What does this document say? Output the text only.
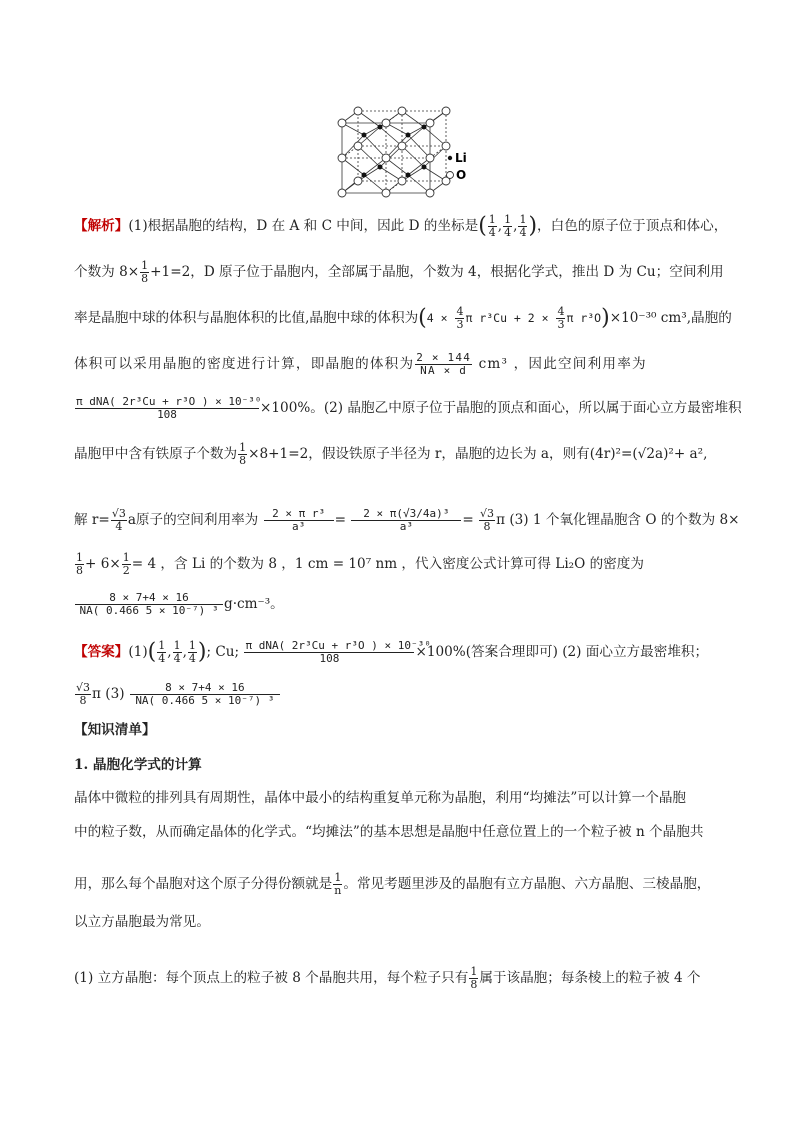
Li
O
【解析】(1)根据晶胞的结构，D 在 A 和 C 中间，因此 D 的坐标是( $\frac{1}{4}$ , $\frac{1}{4}$ , $\frac{1}{4}$ )，白色的原子位于顶点和体心，
个数为 $8\times \frac{1}{8} +1=2$，D 原子位于晶胞内，全部属于晶胞，个数为 4，根据化学式，推出 D 为 Cu；空间利用
率是晶胞中球的体积与晶胞体积的比值,晶胞中球的体积为($4 \times \frac{4}{3}$ π $r^3Cu + 2 \times \frac{4}{3}$ π r³O)×10⁻³⁰ cm³,晶胞的
体积可以采用晶胞的密度进行计算，即晶胞的体积为 $\frac{2 \times 144}{NA \times d} cm^3$ ，因此空间利用率为
$\frac{\text{π dNA( 2r³Cu + r³O ) × 10⁻³⁰}}{108} \times 100\%$。(2) 晶胞乙中原子位于晶胞的顶点和面心，所以属于面心立方最密堆积
晶胞甲中含有铁原子个数为 $\frac{1}{8} \times 8+1=2$，假设铁原子半径为 r，晶胞的边长为 a，则有(4r)²=(√2a)²+ a²,
解 $r= \frac{√3}{4}$ a原子的空间利用率为 $\frac{\text{2 × π r³}}{\text{a³}} = \frac{\text{2 × π(√3/4a)³}}{\text{a³}} = \frac{√3}{8}$ π (3) 1 个氧化锂晶胞含 O 的个数为 8×
$\frac{1}{8} + 6\times \frac{1}{2} = 4$ ，含 Li 的个数为 8 ，1 cm = 10⁷ nm ，代入密度公式计算可得 Li₂O 的密度为
$\frac{8 \times 7+4 \times 16}{\text{NA( 0.466 5 × 10⁻⁷) ³}} g\cdot cm^{-3}$。
【答案】$(1)( \frac{1}{4}$ , $\frac{1}{4}$ , $\frac{1}{4}$ ); Cu; $\frac{\text{π dNA( 2r³Cu + r³O ) × 10⁻³⁰}}{108} \times 100\%$(答案合理即可) (2) 面心立方最密堆积；
$\frac{√3}{8}$ π $(3) \frac{8 \times 7+4 \times 16}{\text{NA( 0.466 5 × 10⁻⁷) ³}}$
【知识清单】
1. 晶胞化学式的计算
晶体中微粒的排列具有周期性，晶体中最小的结构重复单元称为晶胞，利用“均摊法”可以计算一个晶胞
中的粒子数，从而确定晶体的化学式。“均摊法”的基本思想是晶胞中任意位置上的一个粒子被 n 个晶胞共
用，那么每个晶胞对这个原子分得份额就是 $\frac{1}{n}$ 。常见考题里涉及的晶胞有立方晶胞、六方晶胞、三棱晶胞，
以立方晶胞最为常见。
(1) 立方晶胞：每个顶点上的粒子被 8 个晶胞共用，每个粒子只有 $\frac{1}{8}$ 属于该晶胞；每条棱上的粒子被 4 个
